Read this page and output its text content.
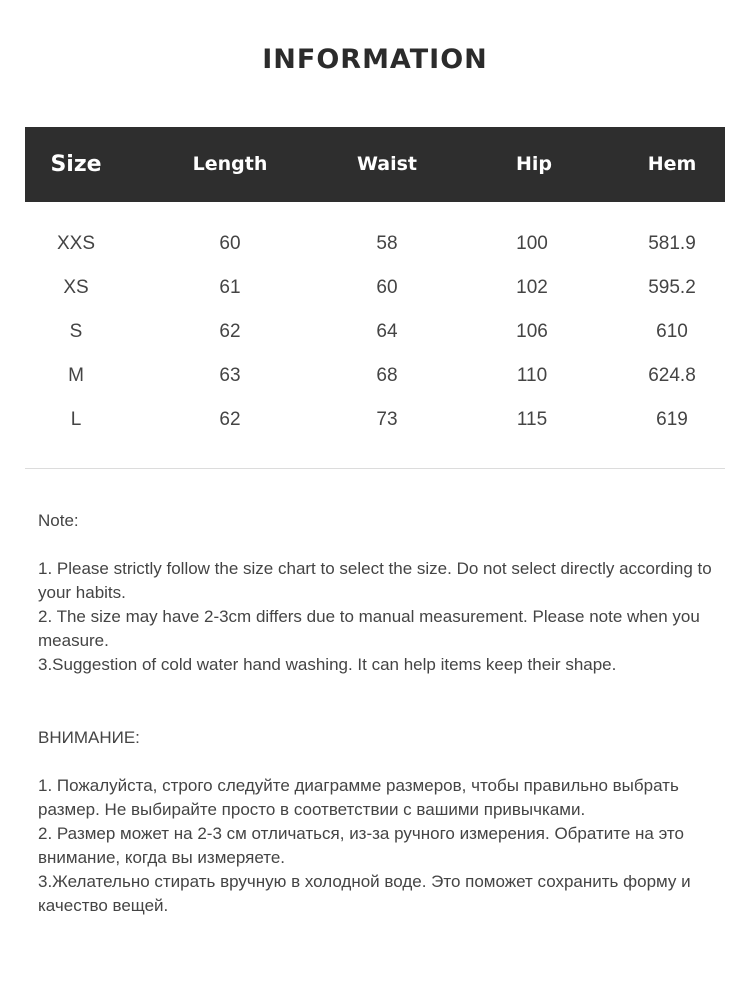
INFORMATION
Size	Length	Waist	Hip	Hem
XXS	60	58	100	581.9
XS	61	60	102	595.2
S	62	64	106	610
M	63	68	110	624.8
L	62	73	115	619

Note:

1. Please strictly follow the size chart to select the size. Do not select directly according to your habits.

2. The size may have 2-3cm differs due to manual measurement. Please note when you measure.

3.Suggestion of cold water hand washing. It can help items keep their shape.

ВНИМАНИЕ:

1. Пожалуйста, строго следуйте диаграмме размеров, чтобы правильно выбрать размер. Не выбирайте просто в соответствии с вашими привычками.

2. Размер может на 2-3 см отличаться, из-за ручного измерения. Обратите на это внимание, когда вы измеряете.

3.Желательно стирать вручную в холодной воде. Это поможет сохранить форму и качество вещей.
